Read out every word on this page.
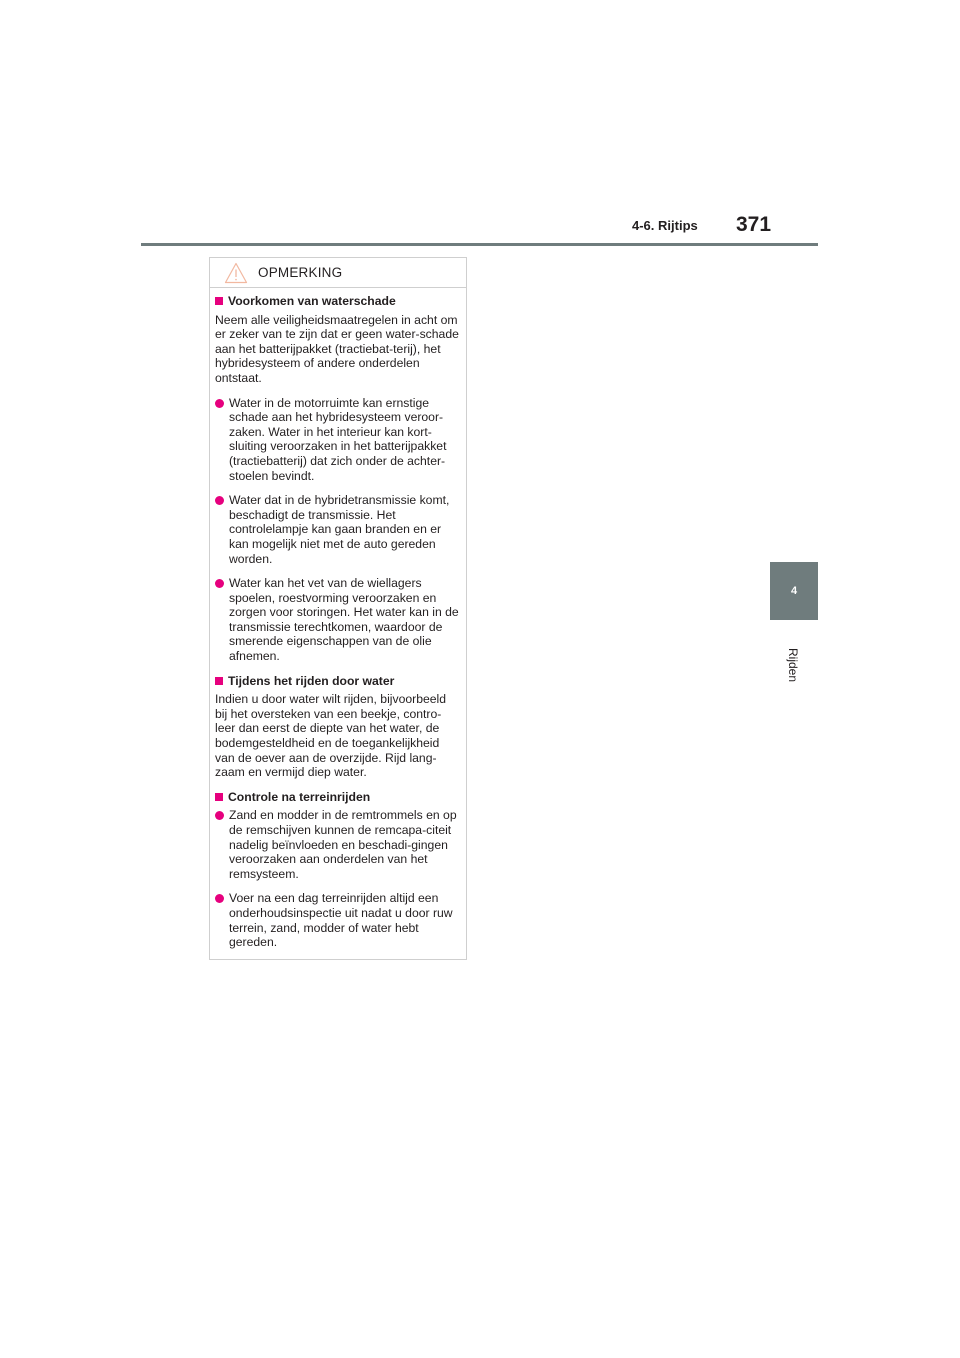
4-6. Rijtips 371
4
Rijden
OPMERKING
Voorkomen van waterschade
Neem alle veiligheidsmaatregelen in acht om er zeker van te zijn dat er geen water-schade aan het batterijpakket (tractiebat-terij), het hybridesysteem of andere onderdelen ontstaat.
Water in de motorruimte kan ernstige schade aan het hybridesysteem veroor-zaken. Water in het interieur kan kort-sluiting veroorzaken in het batterijpakket (tractiebatterij) dat zich onder de achter-stoelen bevindt.
Water dat in de hybridetransmissie komt, beschadigt de transmissie. Het controlelampje kan gaan branden en er kan mogelijk niet met de auto gereden worden.
Water kan het vet van de wiellagers spoelen, roestvorming veroorzaken en zorgen voor storingen. Het water kan in de transmissie terechtkomen, waardoor de smerende eigenschappen van de olie afnemen.
Tijdens het rijden door water
Indien u door water wilt rijden, bijvoorbeeld bij het oversteken van een beekje, contro-leer dan eerst de diepte van het water, de bodemgesteldheid en de toegankelijkheid van de oever aan de overzijde. Rijd lang-zaam en vermijd diep water.
Controle na terreinrijden
Zand en modder in de remtrommels en op de remschijven kunnen de remcapa-citeit nadelig beïnvloeden en beschadi-gingen veroorzaken aan onderdelen van het remsysteem.
Voer na een dag terreinrijden altijd een onderhoudsinspectie uit nadat u door ruw terrein, zand, modder of water hebt gereden.
